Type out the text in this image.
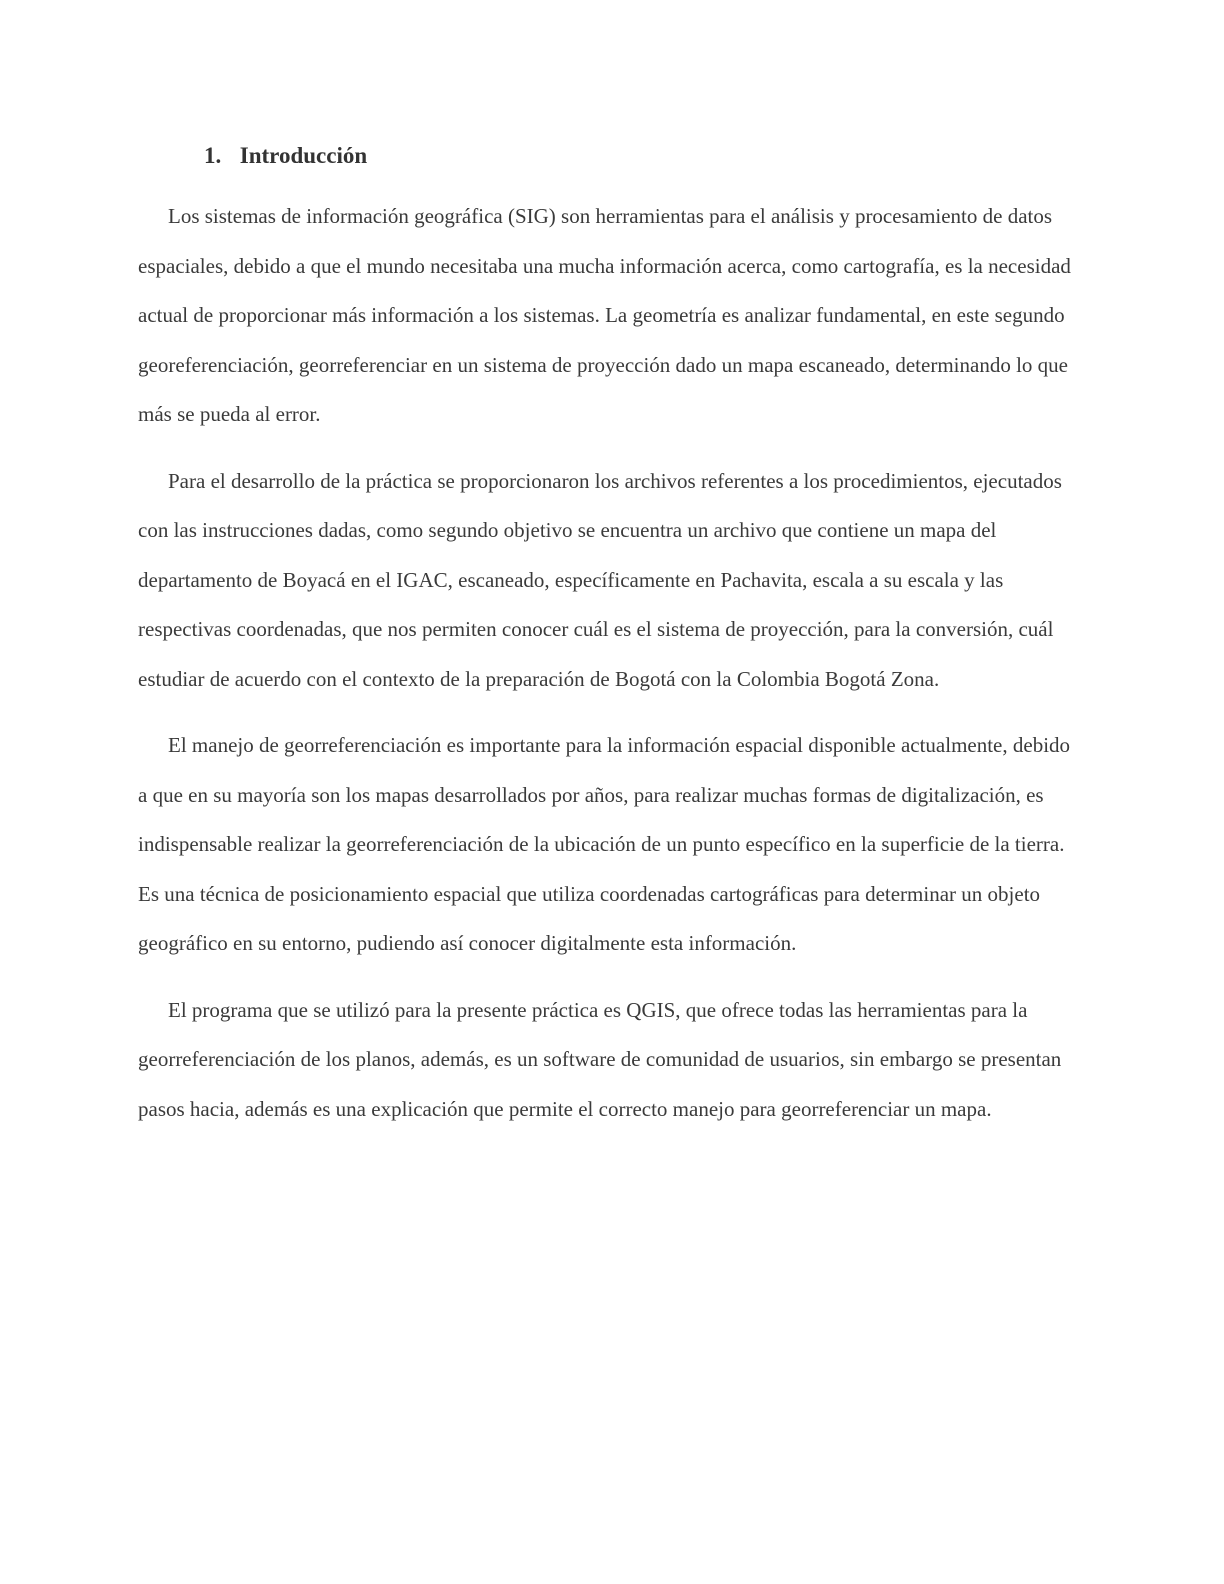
1. Introducción

Los sistemas de información geográfica (SIG) son herramientas para el análisis y procesamiento de datos espaciales, debido a que el mundo necesitaba una mucha información acerca, como cartografía, es la necesidad actual de proporcionar más información a los sistemas. La geometría es analizar fundamental, en este segundo georeferenciación, georreferenciar en un sistema de proyección dado un mapa escaneado, determinando lo que más se pueda al error.

Para el desarrollo de la práctica se proporcionaron los archivos referentes a los procedimientos, ejecutados con las instrucciones dadas, como segundo objetivo se encuentra un archivo que contiene un mapa del departamento de Boyacá en el IGAC, escaneado, específicamente en Pachavita, escala a su escala y las respectivas coordenadas, que nos permiten conocer cuál es el sistema de proyección, para la conversión, cuál estudiar de acuerdo con el contexto de la preparación de Bogotá con la Colombia Bogotá Zona.

El manejo de georreferenciación es importante para la información espacial disponible actualmente, debido a que en su mayoría son los mapas desarrollados por años, para realizar muchas formas de digitalización, es indispensable realizar la georreferenciación de la ubicación de un punto específico en la superficie de la tierra. Es una técnica de posicionamiento espacial que utiliza coordenadas cartográficas para determinar un objeto geográfico en su entorno, pudiendo así conocer digitalmente esta información.

El programa que se utilizó para la presente práctica es QGIS, que ofrece todas las herramientas para la georreferenciación de los planos, además, es un software de comunidad de usuarios, sin embargo se presentan pasos hacia, además es una explicación que permite el correcto manejo para georreferenciar un mapa.
